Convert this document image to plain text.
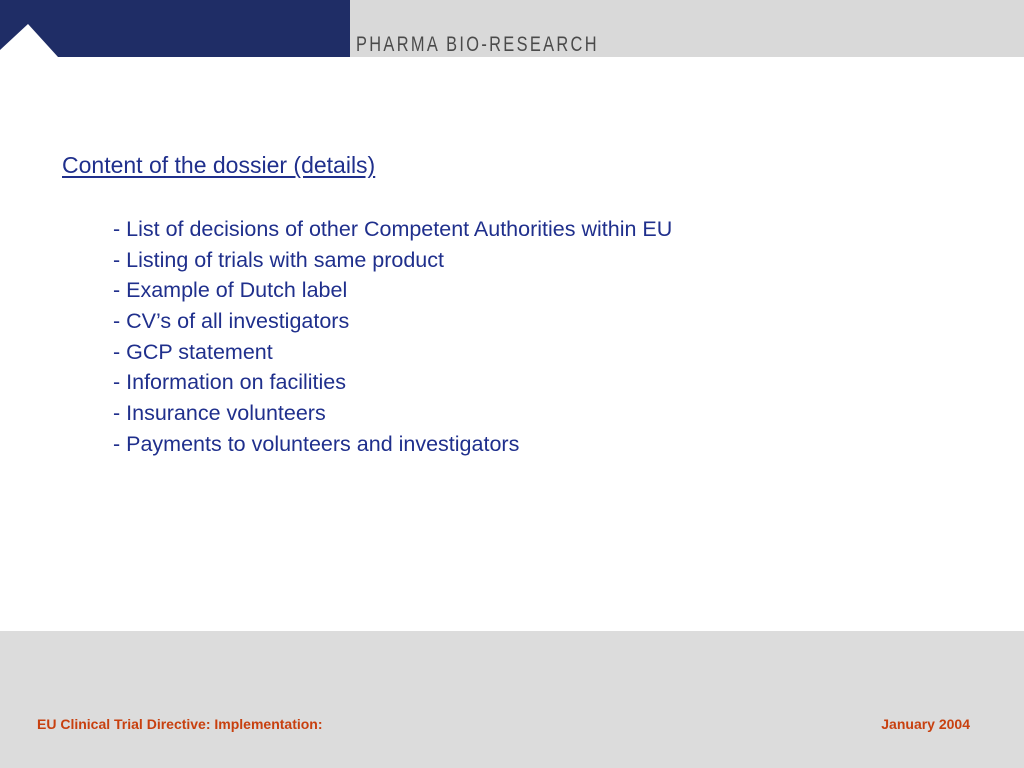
PHARMA BIO-RESEARCH
Content of the dossier (details)
- List of decisions of other Competent Authorities within EU
- Listing of trials with same product
- Example of Dutch label
- CV’s of all investigators
- GCP statement
- Information on facilities
- Insurance volunteers
- Payments to volunteers and investigators
EU Clinical Trial Directive: Implementation:	January 2004
